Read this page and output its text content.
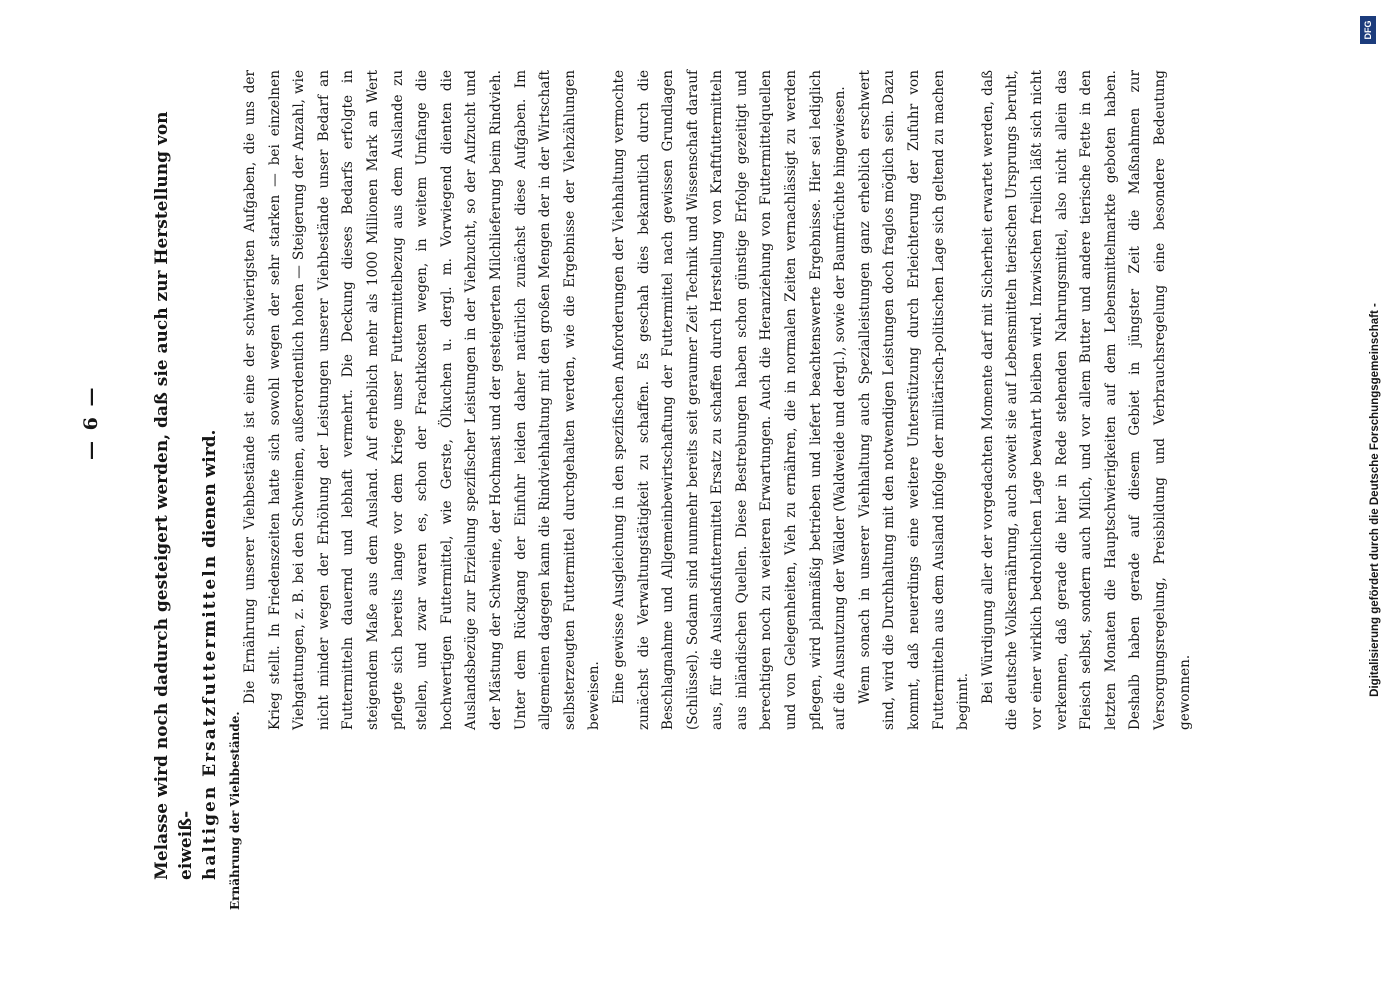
— 6 —	Melasse wird noch dadurch gesteigert werden, daß sie auch zur Herstellung von eiweiß- haltigen Ersatzfuttermitteln dienen wird.

Ernährung der Viehbestände.

Die Ernährung unserer Viehbestände ist eine der schwierigsten Aufgaben, die uns der Krieg stellt. In Friedenszeiten hatte sich sowohl wegen der sehr starken — bei einzelnen Viehgattungen, z. B. bei den Schweinen, außerordentlich hohen — Steigerung der Anzahl, wie nicht minder wegen der Erhöhung der Leistungen unserer Viehbestände unser Bedarf an Futtermitteln dauernd und lebhaft vermehrt. Die Deckung dieses Bedarfs erfolgte in steigendem Maße aus dem Ausland. Auf erheblich mehr als 1000 Millionen Mark an Wert pflegte sich bereits lange vor dem Kriege unser Futtermittelbezug aus dem Auslande zu stellen, und zwar waren es, schon der Frachtkosten wegen, in weitem Umfange die hochwertigen Futtermittel, wie Gerste, Ölkuchen u. dergl. m. Vorwiegend dienten die Auslandsbezüge zur Erzielung spezifischer Leistungen in der Viehzucht, so der Aufzucht und der Mästung der Schweine, der Hochmast und der gesteigerten Milchlieferung beim Rindvieh. Unter dem Rückgang der Einfuhr leiden daher natürlich zunächst diese Aufgaben. Im allgemeinen dagegen kann die Rindviehhaltung mit den großen Mengen der in der Wirtschaft selbsterzeugten Futtermittel durchgehalten werden, wie die Ergebnisse der Viehzählungen beweisen. Eine gewisse Ausgleichung in den spezifischen Anforderungen der Viehhaltung vermochte zunächst die Verwaltungstätigkeit zu schaffen. Es geschah dies bekanntlich durch die Beschlagnahme und Allgemeinbewirtschaftung der Futtermittel nach gewissen Grundlagen (Schlüssel). Sodann sind nunmehr bereits seit geraumer Zeit Technik und Wissenschaft darauf aus, für die Auslandsfuttermittel Ersatz zu schaffen durch Herstellung von Kraftfuttermitteln aus inländischen Quellen. Diese Bestrebungen haben schon günstige Erfolge gezeitigt und berechtigen noch zu weiteren Erwartungen. Auch die Heranziehung von Futtermittelquellen und von Gelegenheiten, Vieh zu ernähren, die in normalen Zeiten vernachlässigt zu werden pflegen, wird planmäßig betrieben und liefert beachtenswerte Ergebnisse. Hier sei lediglich auf die Ausnutzung der Wälder (Waldweide und dergl.), sowie der Baumfrüchte hingewiesen. Wenn sonach in unserer Viehhaltung auch Spezialleistungen ganz erheblich erschwert sind, wird die Durchhaltung mit den notwendigen Leistungen doch fraglos möglich sein. Dazu kommt, daß neuerdings eine weitere Unterstützung durch Erleichterung der Zufuhr von Futtermitteln aus dem Ausland infolge der militärisch-politischen Lage sich geltend zu machen beginnt. Bei Würdigung aller der vorgedachten Momente darf mit Sicherheit erwartet werden, daß die deutsche Volksernährung, auch soweit sie auf Lebensmitteln tierischen Ursprungs beruht, vor einer wirklich bedrohlichen Lage bewahrt bleiben wird. Inzwischen freilich läßt sich nicht verkennen, daß gerade die hier in Rede stehenden Nahrungsmittel, also nicht allein das Fleisch selbst, sondern auch Milch, und vor allem Butter und andere tierische Fette in den letzten Monaten die Hauptschwierigkeiten auf dem Lebensmittelmarkte geboten haben. Deshalb haben gerade auf diesem Gebiet in jüngster Zeit die Maßnahmen zur Versorgungsregelung, Preisbildung und Verbrauchsregelung eine besondere Bedeutung gewonnen.	Digitalisierung gefördert durch die Deutsche Forschungsgemeinschaft -
DFG
